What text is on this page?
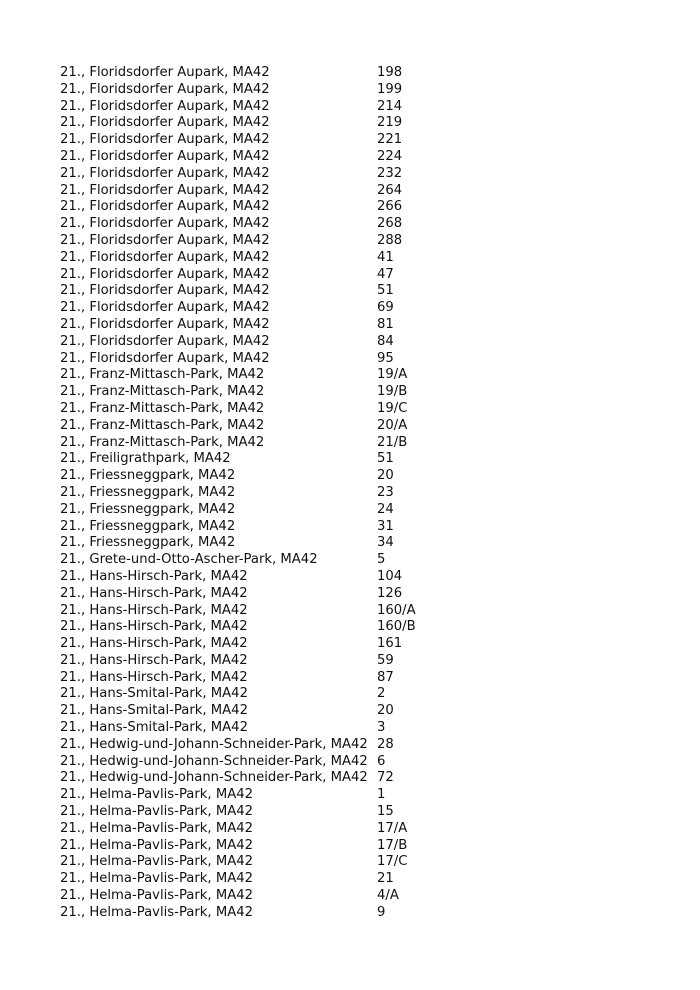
21., Floridsdorfer Aupark, MA42	198
21., Floridsdorfer Aupark, MA42	199
21., Floridsdorfer Aupark, MA42	214
21., Floridsdorfer Aupark, MA42	219
21., Floridsdorfer Aupark, MA42	221
21., Floridsdorfer Aupark, MA42	224
21., Floridsdorfer Aupark, MA42	232
21., Floridsdorfer Aupark, MA42	264
21., Floridsdorfer Aupark, MA42	266
21., Floridsdorfer Aupark, MA42	268
21., Floridsdorfer Aupark, MA42	288
21., Floridsdorfer Aupark, MA42	41
21., Floridsdorfer Aupark, MA42	47
21., Floridsdorfer Aupark, MA42	51
21., Floridsdorfer Aupark, MA42	69
21., Floridsdorfer Aupark, MA42	81
21., Floridsdorfer Aupark, MA42	84
21., Floridsdorfer Aupark, MA42	95
21., Franz-Mittasch-Park, MA42	19/A
21., Franz-Mittasch-Park, MA42	19/B
21., Franz-Mittasch-Park, MA42	19/C
21., Franz-Mittasch-Park, MA42	20/A
21., Franz-Mittasch-Park, MA42	21/B
21., Freiligrathpark, MA42	51
21., Friessneggpark, MA42	20
21., Friessneggpark, MA42	23
21., Friessneggpark, MA42	24
21., Friessneggpark, MA42	31
21., Friessneggpark, MA42	34
21., Grete-und-Otto-Ascher-Park, MA42	5
21., Hans-Hirsch-Park, MA42	104
21., Hans-Hirsch-Park, MA42	126
21., Hans-Hirsch-Park, MA42	160/A
21., Hans-Hirsch-Park, MA42	160/B
21., Hans-Hirsch-Park, MA42	161
21., Hans-Hirsch-Park, MA42	59
21., Hans-Hirsch-Park, MA42	87
21., Hans-Smital-Park, MA42	2
21., Hans-Smital-Park, MA42	20
21., Hans-Smital-Park, MA42	3
21., Hedwig-und-Johann-Schneider-Park, MA42 28
21., Hedwig-und-Johann-Schneider-Park, MA42 6
21., Hedwig-und-Johann-Schneider-Park, MA42 72
21., Helma-Pavlis-Park, MA42	1
21., Helma-Pavlis-Park, MA42	15
21., Helma-Pavlis-Park, MA42	17/A
21., Helma-Pavlis-Park, MA42	17/B
21., Helma-Pavlis-Park, MA42	17/C
21., Helma-Pavlis-Park, MA42	21
21., Helma-Pavlis-Park, MA42	4/A
21., Helma-Pavlis-Park, MA42	9
